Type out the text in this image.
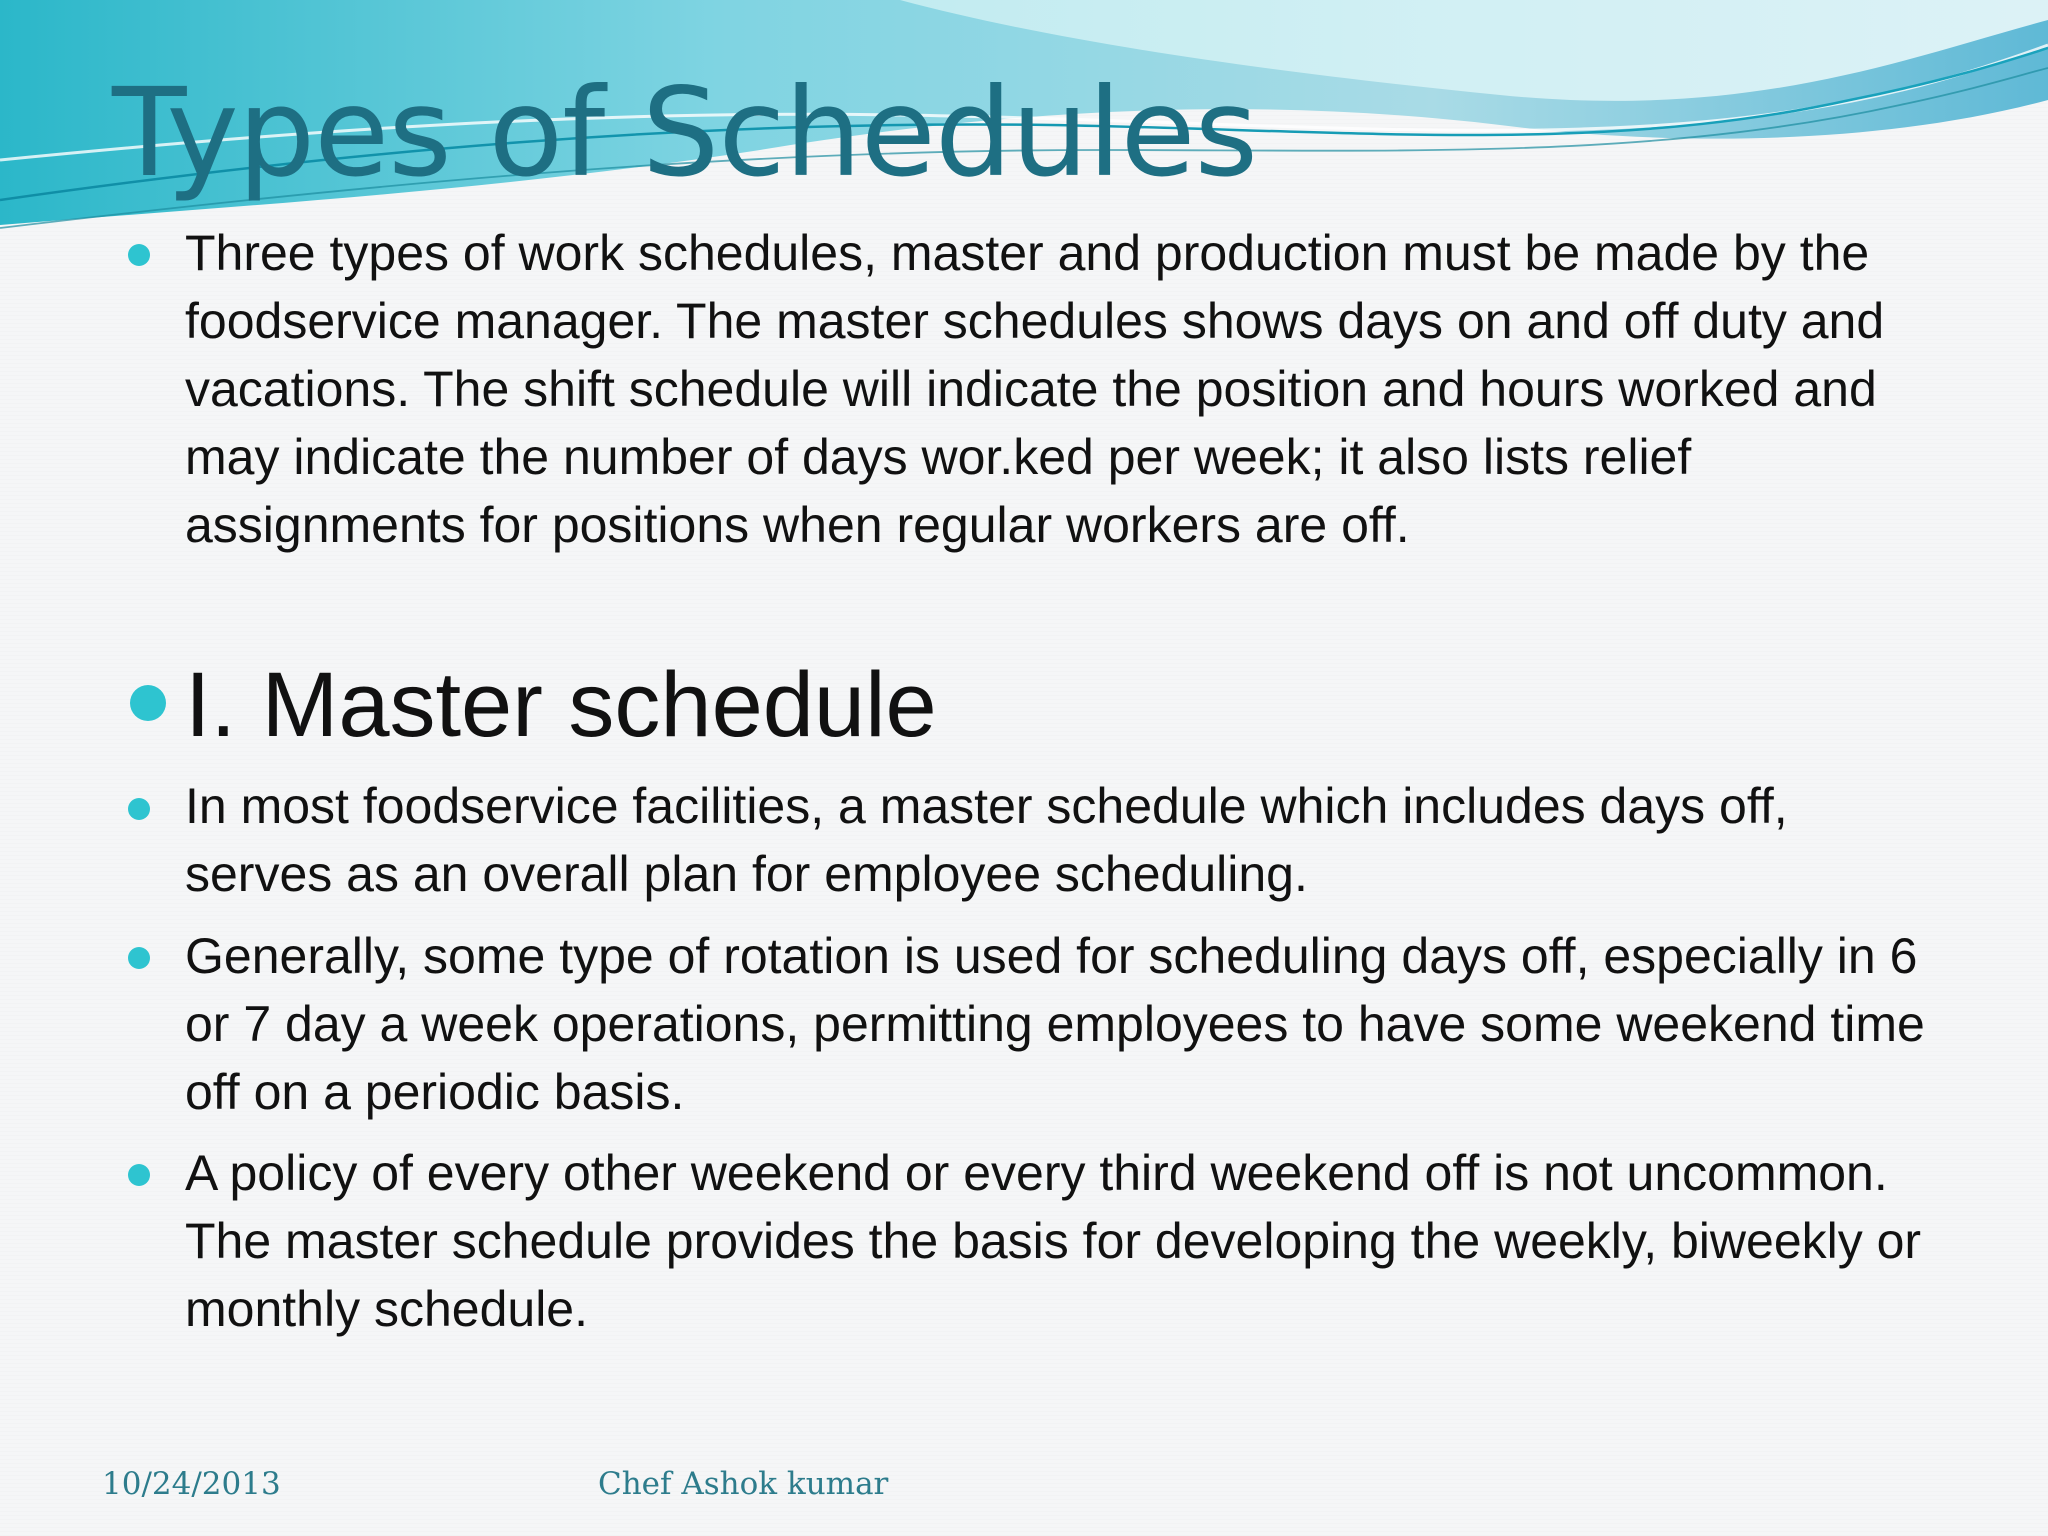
Types of Schedules

Three types of work schedules, master and production must be made by the foodservice manager. The master schedules shows days on and off duty and vacations. The shift schedule will indicate the position and hours worked and may indicate the number of days wor.ked per week; it also lists relief assignments for positions when regular workers are off.

I. Master schedule

In most foodservice facilities, a master schedule which includes days off, serves as an overall plan for employee scheduling.

Generally, some type of rotation is used for scheduling days off, especially in 6 or 7 day a week operations, permitting employees to have some weekend time off on a periodic basis.

A policy of every other weekend or every third weekend off is not uncommon. The master schedule provides the basis for developing the weekly, biweekly or monthly schedule.

10/24/2013	Chef Ashok kumar
